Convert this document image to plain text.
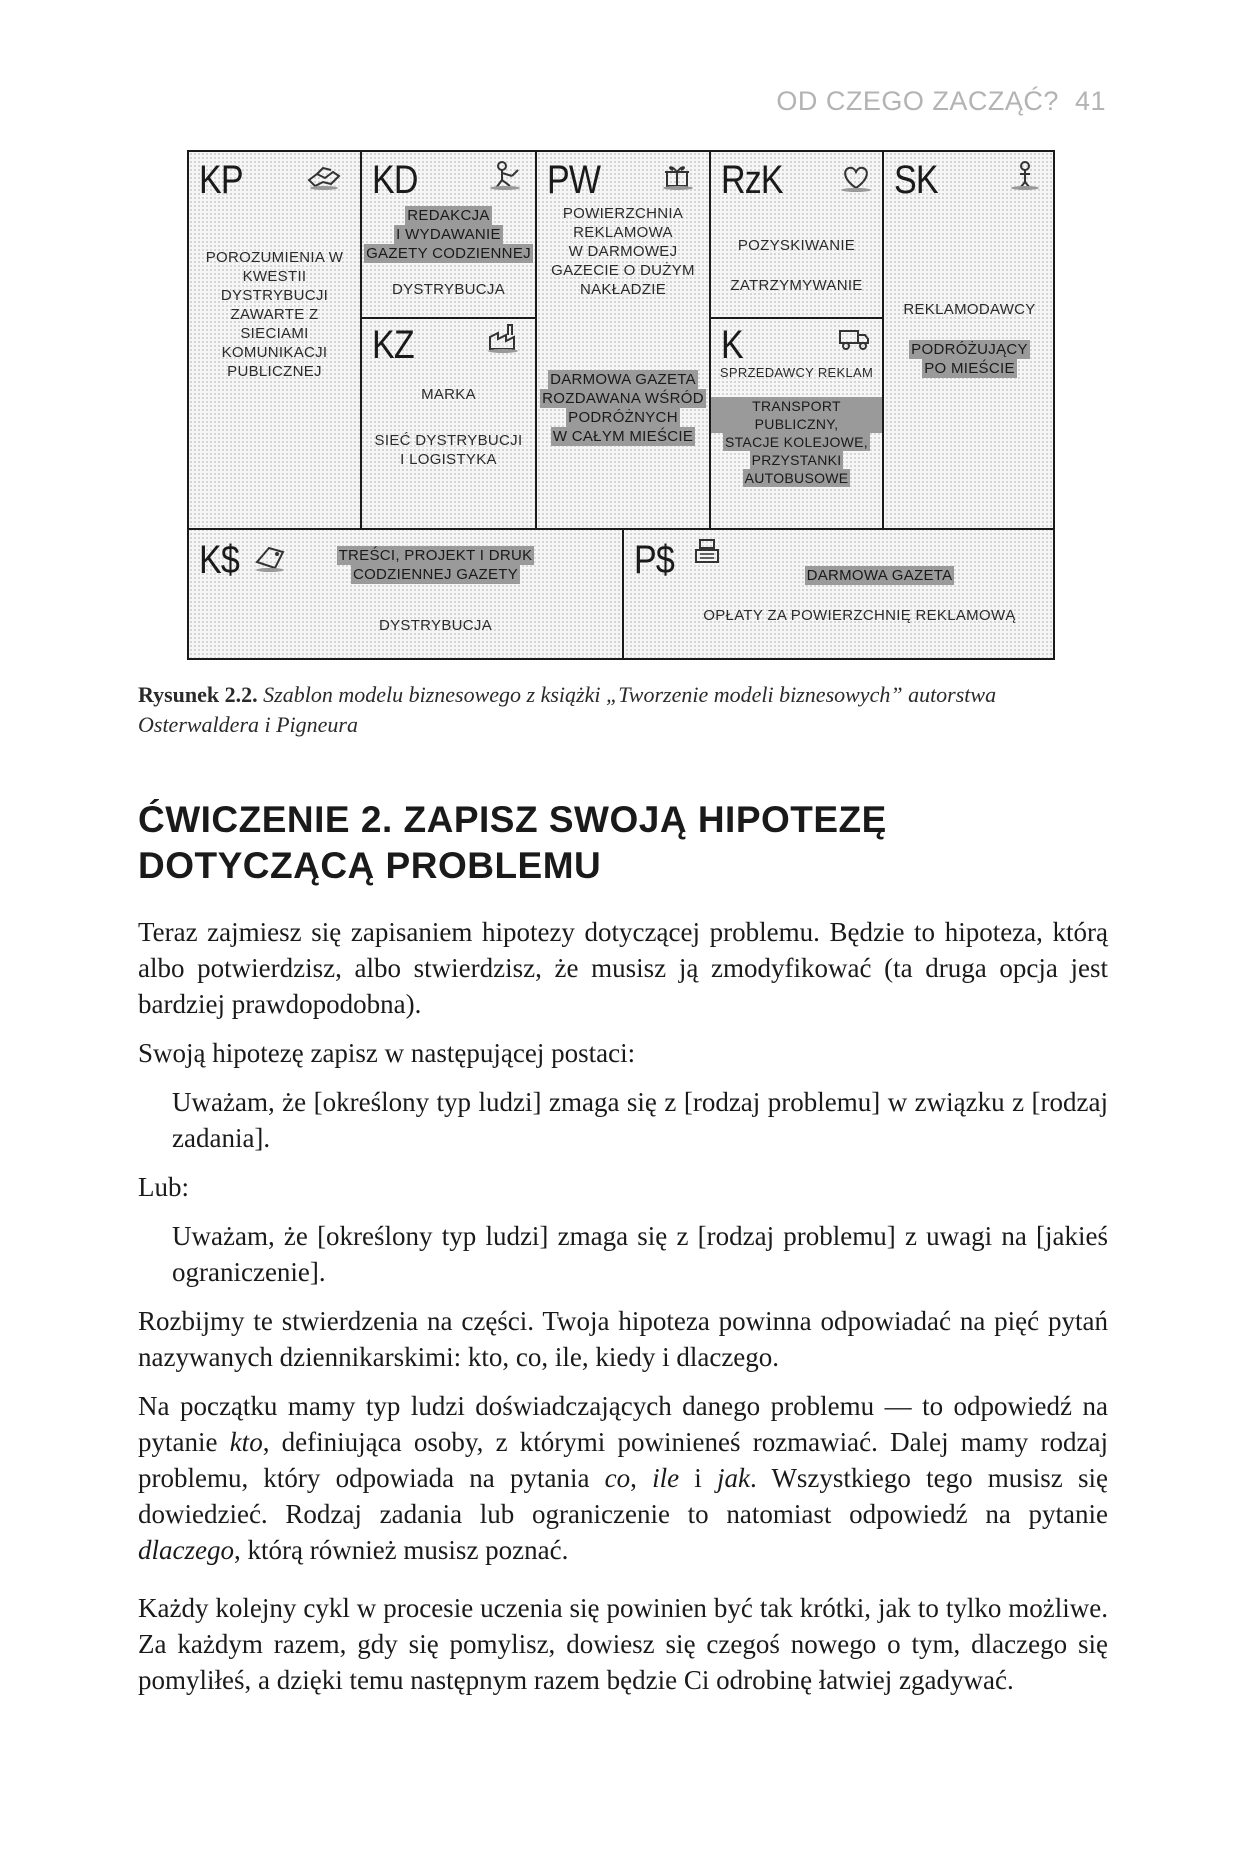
OD CZEGO ZACZĄĆ? 41
KP
POROZUMIENIA W KWESTII DYSTRYBUCJI ZAWARTE Z SIECIAMI KOMUNIKACJI PUBLICZNEJ
KD
REDAKCJA
I WYDAWANIE
GAZETY CODZIENNEJ
DYSTRYBUCJA
KZ
MARKA
SIEĆ DYSTRYBUCJI
I LOGISTYKA
PW
POWIERZCHNIA
REKLAMOWA
W DARMOWEJ
GAZECIE O DUŻYM
NAKŁADZIE
DARMOWA GAZETA
ROZDAWANA WŚRÓD
PODRÓŻNYCH
W CAŁYM MIEŚCIE
RzK
POZYSKIWANIE
ZATRZYMYWANIE
K
SPRZEDAWCY REKLAM
TRANSPORT PUBLICZNY,
STACJE KOLEJOWE,
PRZYSTANKI
AUTOBUSOWE
SK
REKLAMODAWCY
PODRÓŻUJĄCY
PO MIEŚCIE
K$	TREŚCI, PROJEKT I DRUK
CODZIENNEJ GAZETY
DYSTRYBUCJA
P$	DARMOWA GAZETA
OPŁATY ZA POWIERZCHNIĘ REKLAMOWĄ
Rysunek 2.2. Szablon modelu biznesowego z książki „Tworzenie modeli biznesowych” autorstwa Osterwaldera i Pigneura
ĆWICZENIE 2. ZAPISZ SWOJĄ HIPOTEZĘ
DOTYCZĄCĄ PROBLEMU

Teraz zajmiesz się zapisaniem hipotezy dotyczącej problemu. Będzie to hipoteza, którą albo potwierdzisz, albo stwierdzisz, że musisz ją zmodyfikować (ta druga opcja jest bardziej prawdopodobna).

Swoją hipotezę zapisz w następującej postaci:

Uważam, że [określony typ ludzi] zmaga się z [rodzaj problemu] w związku z [rodzaj zadania].

Lub:

Uważam, że [określony typ ludzi] zmaga się z [rodzaj problemu] z uwagi na [jakieś ograniczenie].

Rozbijmy te stwierdzenia na części. Twoja hipoteza powinna odpowiadać na pięć pytań nazywanych dziennikarskimi: kto, co, ile, kiedy i dlaczego.

Na początku mamy typ ludzi doświadczających danego problemu — to odpowiedź na pytanie kto, definiująca osoby, z którymi powinieneś rozmawiać. Dalej mamy rodzaj problemu, który odpowiada na pytania co, ile i jak. Wszystkiego tego musisz się dowiedzieć. Rodzaj zadania lub ograniczenie to natomiast odpowiedź na pytanie dlaczego, którą również musisz poznać.

Każdy kolejny cykl w procesie uczenia się powinien być tak krótki, jak to tylko możliwe. Za każdym razem, gdy się pomylisz, dowiesz się czegoś nowego o tym, dlaczego się pomyliłeś, a dzięki temu następnym razem będzie Ci odrobinę łatwiej zgadywać.
